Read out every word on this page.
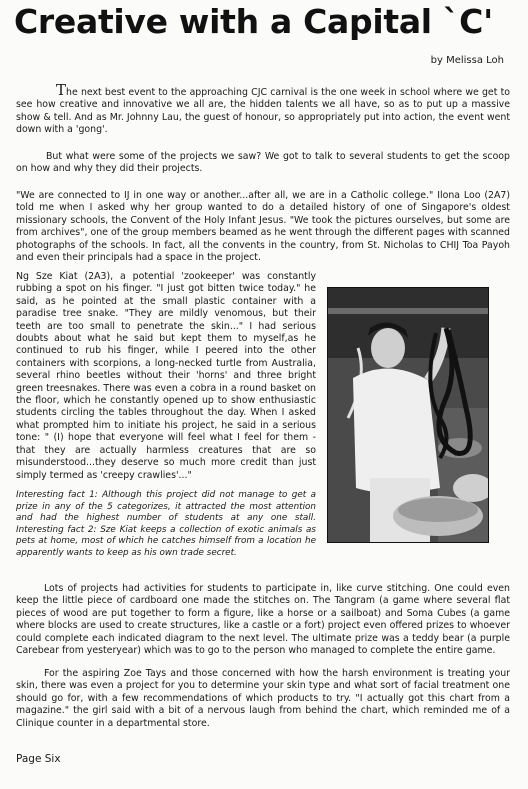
Creative with a Capital `C'
by Melissa Loh

The next best event to the approaching CJC carnival is the one week in school where we get to see how creative and innovative we all are, the hidden talents we all have, so as to put up a massive show & tell. And as Mr. Johnny Lau, the guest of honour, so appropriately put into action, the event went down with a 'gong'.

But what were some of the projects we saw? We got to talk to several students to get the scoop on how and why they did their projects.

"We are connected to IJ in one way or another...after all, we are in a Catholic college." Ilona Loo (2A7) told me when I asked why her group wanted to do a detailed history of one of Singapore's oldest missionary schools, the Convent of the Holy Infant Jesus. "We took the pictures ourselves, but some are from archives", one of the group members beamed as he went through the different pages with scanned photographs of the schools. In fact, all the convents in the country, from St. Nicholas to CHIJ Toa Payoh and even their principals had a space in the project.

Ng Sze Kiat (2A3), a potential 'zookeeper' was constantly rubbing a spot on his finger. "I just got bitten twice today." he said, as he pointed at the small plastic container with a paradise tree snake. "They are mildly venomous, but their teeth are too small to penetrate the skin..." I had serious doubts about what he said but kept them to myself,as he continued to rub his finger, while I peered into the other containers with scorpions, a long-necked turtle from Australia, several rhino beetles without their 'horns' and three bright green treesnakes. There was even a cobra in a round basket on the floor, which he constantly opened up to show enthusiastic students circling the tables throughout the day. When I asked what prompted him to initiate his project, he said in a serious tone: " (I) hope that everyone will feel what I feel for them - that they are actually harmless creatures that are so misunderstood...they deserve so much more credit than just simply termed as 'creepy crawlies'..."

Interesting fact 1: Although this project did not manage to get a prize in any of the 5 categorizes, it attracted the most attention and had the highest number of students at any one stall. Interesting fact 2: Sze Kiat keeps a collection of exotic animals as pets at home, most of which he catches himself from a location he apparently wants to keep as his own trade secret.

Lots of projects had activities for students to participate in, like curve stitching. One could even keep the little piece of cardboard one made the stitches on. The Tangram (a game where several flat pieces of wood are put together to form a figure, like a horse or a sailboat) and Soma Cubes (a game where blocks are used to create structures, like a castle or a fort) project even offered prizes to whoever could complete each indicated diagram to the next level. The ultimate prize was a teddy bear (a purple Carebear from yesteryear) which was to go to the person who managed to complete the entire game.

For the aspiring Zoe Tays and those concerned with how the harsh environment is treating your skin, there was even a project for you to determine your skin type and what sort of facial treatment one should go for, with a few recommendations of which products to try. "I actually got this chart from a magazine." the girl said with a bit of a nervous laugh from behind the chart, which reminded me of a Clinique counter in a departmental store.

Page Six
